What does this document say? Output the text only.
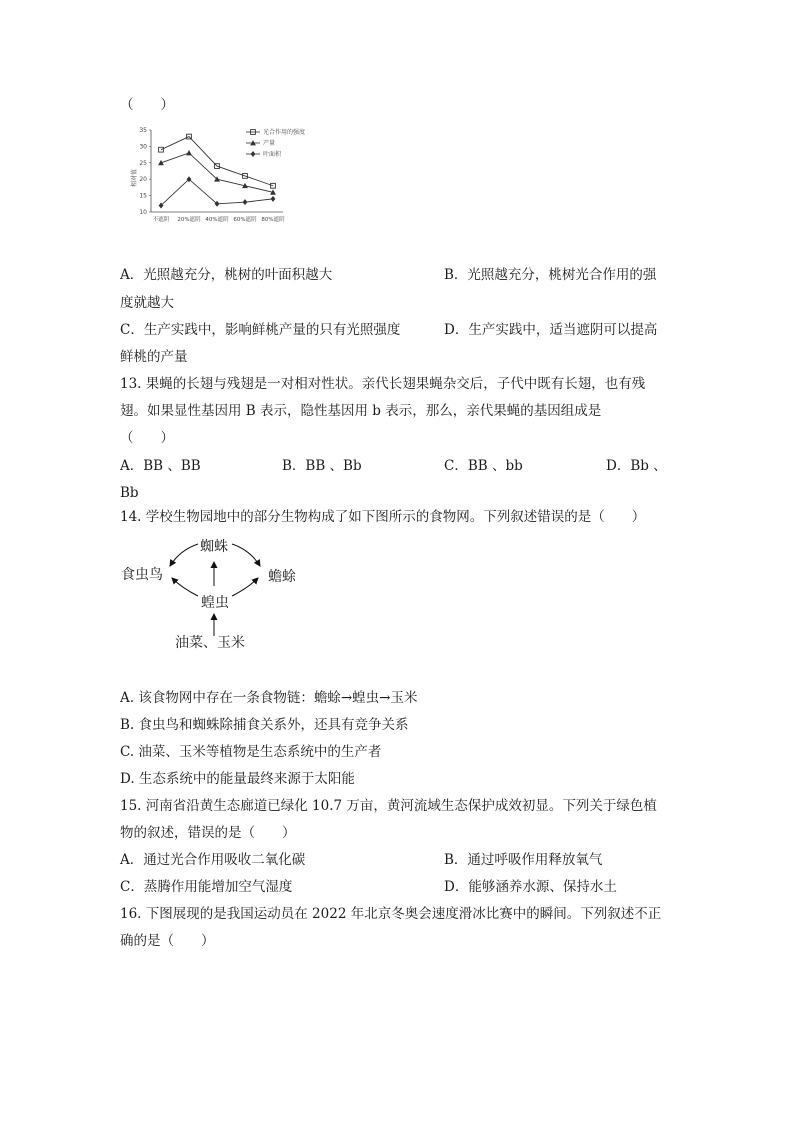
（　　）
相对值
35
30
25
20
15
10
不遮阴 20%遮阴 40%遮阴 60%遮阴 80%遮阴
光合作用的强度
产量
叶面积
A．光照越充分，桃树的叶面积越大	B．光照越充分，桃树光合作用的强
度就越大
C．生产实践中，影响鲜桃产量的只有光照强度	D．生产实践中，适当遮阴可以提高
鲜桃的产量
13. 果蝇的长翅与残翅是一对相对性状。亲代长翅果蝇杂交后，子代中既有长翅，也有残
翅。如果显性基因用 B 表示，隐性基因用 b 表示，那么，亲代果蝇的基因组成是
（　　）
A．BB 、BB	B．BB 、Bb	C．BB 、bb	D．Bb 、
Bb
14. 学校生物园地中的部分生物构成了如下图所示的食物网。下列叙述错误的是（　　）
蜘蛛
食虫鸟	蟾蜍
蝗虫
油菜、玉米
A. 该食物网中存在一条食物链：蟾蜍→蝗虫→玉米
B. 食虫鸟和蜘蛛除捕食关系外，还具有竞争关系
C. 油菜、玉米等植物是生态系统中的生产者
D. 生态系统中的能量最终来源于太阳能
15. 河南省沿黄生态廊道已绿化 10.7 万亩，黄河流域生态保护成效初显。下列关于绿色植
物的叙述，错误的是（　　）
A．通过光合作用吸收二氧化碳	B．通过呼吸作用释放氧气
C．蒸腾作用能增加空气湿度	D．能够涵养水源、保持水土
16. 下图展现的是我国运动员在 2022 年北京冬奥会速度滑冰比赛中的瞬间。下列叙述不正
确的是（　　）
